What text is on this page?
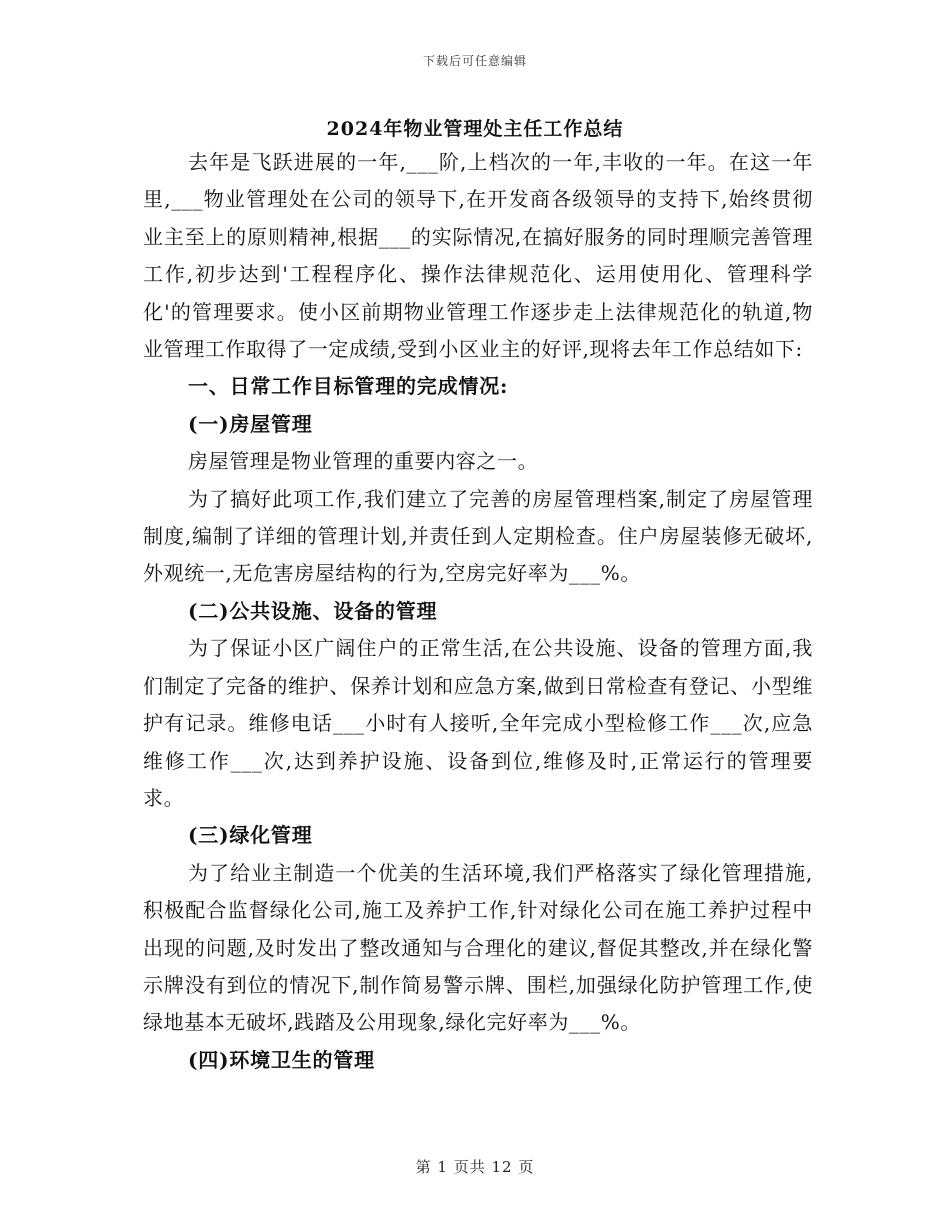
下载后可任意编辑
2024年物业管理处主任工作总结

去年是飞跃进展的一年,___阶,上档次的一年,丰收的一年。在这一年里,___物业管理处在公司的领导下,在开发商各级领导的支持下,始终贯彻业主至上的原则精神,根据___的实际情况,在搞好服务的同时理顺完善管理工作,初步达到'工程程序化、操作法律规范化、运用使用化、管理科学化'的管理要求。使小区前期物业管理工作逐步走上法律规范化的轨道,物业管理工作取得了一定成绩,受到小区业主的好评,现将去年工作总结如下:

一、日常工作目标管理的完成情况:

(一)房屋管理

房屋管理是物业管理的重要内容之一。

为了搞好此项工作,我们建立了完善的房屋管理档案,制定了房屋管理制度,编制了详细的管理计划,并责任到人定期检查。住户房屋装修无破坏,外观统一,无危害房屋结构的行为,空房完好率为___%。

(二)公共设施、设备的管理

为了保证小区广阔住户的正常生活,在公共设施、设备的管理方面,我们制定了完备的维护、保养计划和应急方案,做到日常检查有登记、小型维护有记录。维修电话___小时有人接听,全年完成小型检修工作___次,应急维修工作___次,达到养护设施、设备到位,维修及时,正常运行的管理要求。

(三)绿化管理

为了给业主制造一个优美的生活环境,我们严格落实了绿化管理措施,积极配合监督绿化公司,施工及养护工作,针对绿化公司在施工养护过程中出现的问题,及时发出了整改通知与合理化的建议,督促其整改,并在绿化警示牌没有到位的情况下,制作简易警示牌、围栏,加强绿化防护管理工作,使绿地基本无破坏,践踏及公用现象,绿化完好率为___%。

(四)环境卫生的管理

第 1 页共 12 页
